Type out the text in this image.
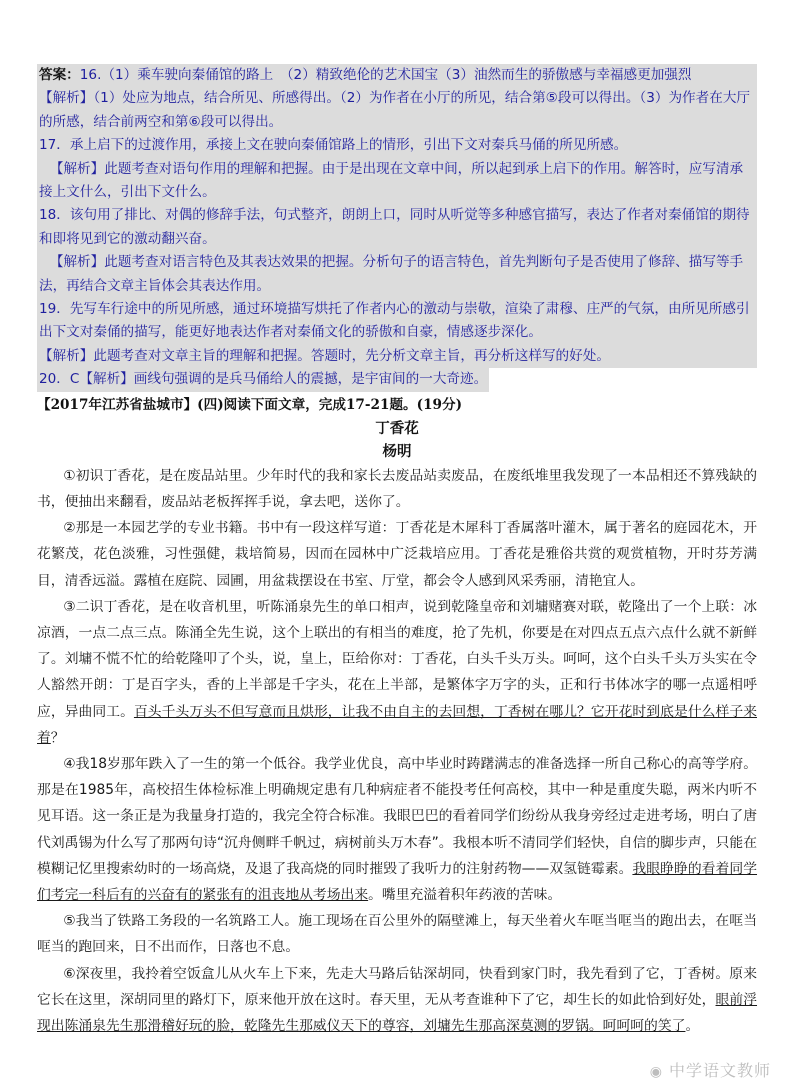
答案：16.（1）乘车驶向秦俑馆的路上　（2）精致绝伦的艺术国宝（3）油然而生的骄傲感与幸福感更加强烈

【解析】（1）处应为地点，结合所见、所感得出。（2）为作者在小厅的所见，结合第⑤段可以得出。（3）为作者在大厅的所感，结合前两空和第⑥段可以得出。

17．承上启下的过渡作用，承接上文在驶向秦俑馆路上的情形，引出下文对秦兵马俑的所见所感。

【解析】此题考查对语句作用的理解和把握。由于是出现在文章中间，所以起到承上启下的作用。解答时，应写清承接上文什么，引出下文什么。

18．该句用了排比、对偶的修辞手法，句式整齐，朗朗上口，同时从听觉等多种感官描写，表达了作者对秦俑馆的期待和即将见到它的激动翻兴奋。

【解析】此题考查对语言特色及其表达效果的把握。分析句子的语言特色，首先判断句子是否使用了修辞、描写等手法，再结合文章主旨体会其表达作用。

19．先写车行途中的所见所感，通过环境描写烘托了作者内心的激动与崇敬，渲染了肃穆、庄严的气氛，由所见所感引出下文对秦俑的描写，能更好地表达作者对秦俑文化的骄傲和自豪，情感逐步深化。

【解析】此题考查对文章主旨的理解和把握。答题时，先分析文章主旨，再分析这样写的好处。

20．C【解析】画线句强调的是兵马俑给人的震撼，是宇宙间的一大奇迹。
【2017年江苏省盐城市】(四)阅读下面文章，完成17-21题。(19分)
丁香花
杨明

①初识丁香花，是在废品站里。少年时代的我和家长去废品站卖废品，在废纸堆里我发现了一本品相还不算残缺的书，便抽出来翻看，废品站老板挥挥手说，拿去吧，送你了。

②那是一本园艺学的专业书籍。书中有一段这样写道：丁香花是木犀科丁香属落叶灌木，属于著名的庭园花木，开花繁茂，花色淡雅，习性强健，栽培简易，因而在园林中广泛栽培应用。丁香花是雅俗共赏的观赏植物，开时芬芳满目，清香远溢。露植在庭院、园圃，用盆栽摆设在书室、厅堂，都会令人感到风采秀丽，清艳宜人。

③二识丁香花，是在收音机里，听陈涌泉先生的单口相声，说到乾隆皇帝和刘墉赌赛对联，乾隆出了一个上联：冰凉酒，一点二点三点。陈涌全先生说，这个上联出的有相当的难度，抢了先机，你要是在对四点五点六点什么就不新鲜了。刘墉不慌不忙的给乾隆叩了个头，说，皇上，臣给你对：丁香花，白头千头万头。呵呵，这个白头千头万头实在令人豁然开朗：丁是百字头，香的上半部是千字头，花在上半部，是繁体字万字的头，正和行书体冰字的哪一点遥相呼应，异曲同工。百头千头万头不但写意而且烘形，让我不由自主的去回想，丁香树在哪儿？它开花时到底是什么样子来着？

④我18岁那年跌入了一生的第一个低谷。我学业优良，高中毕业时踌躇满志的准备选择一所自己称心的高等学府。那是在1985年，高校招生体检标准上明确规定患有几种病症者不能投考任何高校，其中一种是重度失聪，两米内听不见耳语。这一条正是为我量身打造的，我完全符合标准。我眼巴巴的看着同学们纷纷从我身旁经过走进考场，明白了唐代刘禹锡为什么写了那两句诗“沉舟侧畔千帆过，病树前头万木春”。我根本听不清同学们轻快，自信的脚步声，只能在模糊记忆里搜索幼时的一场高烧，及退了我高烧的同时摧毁了我听力的注射药物——双氢链霉素。我眼睁睁的看着同学们考完一科后有的兴奋有的紧张有的沮丧地从考场出来。嘴里充溢着积年药液的苦味。

⑤我当了铁路工务段的一名筑路工人。施工现场在百公里外的隔壁滩上，每天坐着火车哐当哐当的跑出去，在哐当哐当的跑回来，日不出而作，日落也不息。

⑥深夜里，我拎着空饭盒儿从火车上下来，先走大马路后钻深胡同，快看到家门时，我先看到了它，丁香树。原来它长在这里，深胡同里的路灯下，原来他开放在这时。春天里，无从考查谁种下了它，却生长的如此恰到好处，眼前浮现出陈涌泉先生那滑稽好玩的脸，乾隆先生那威仪天下的尊容，刘墉先生那高深莫测的罗锅。呵呵呵的笑了。

◉ 中学语文教师
